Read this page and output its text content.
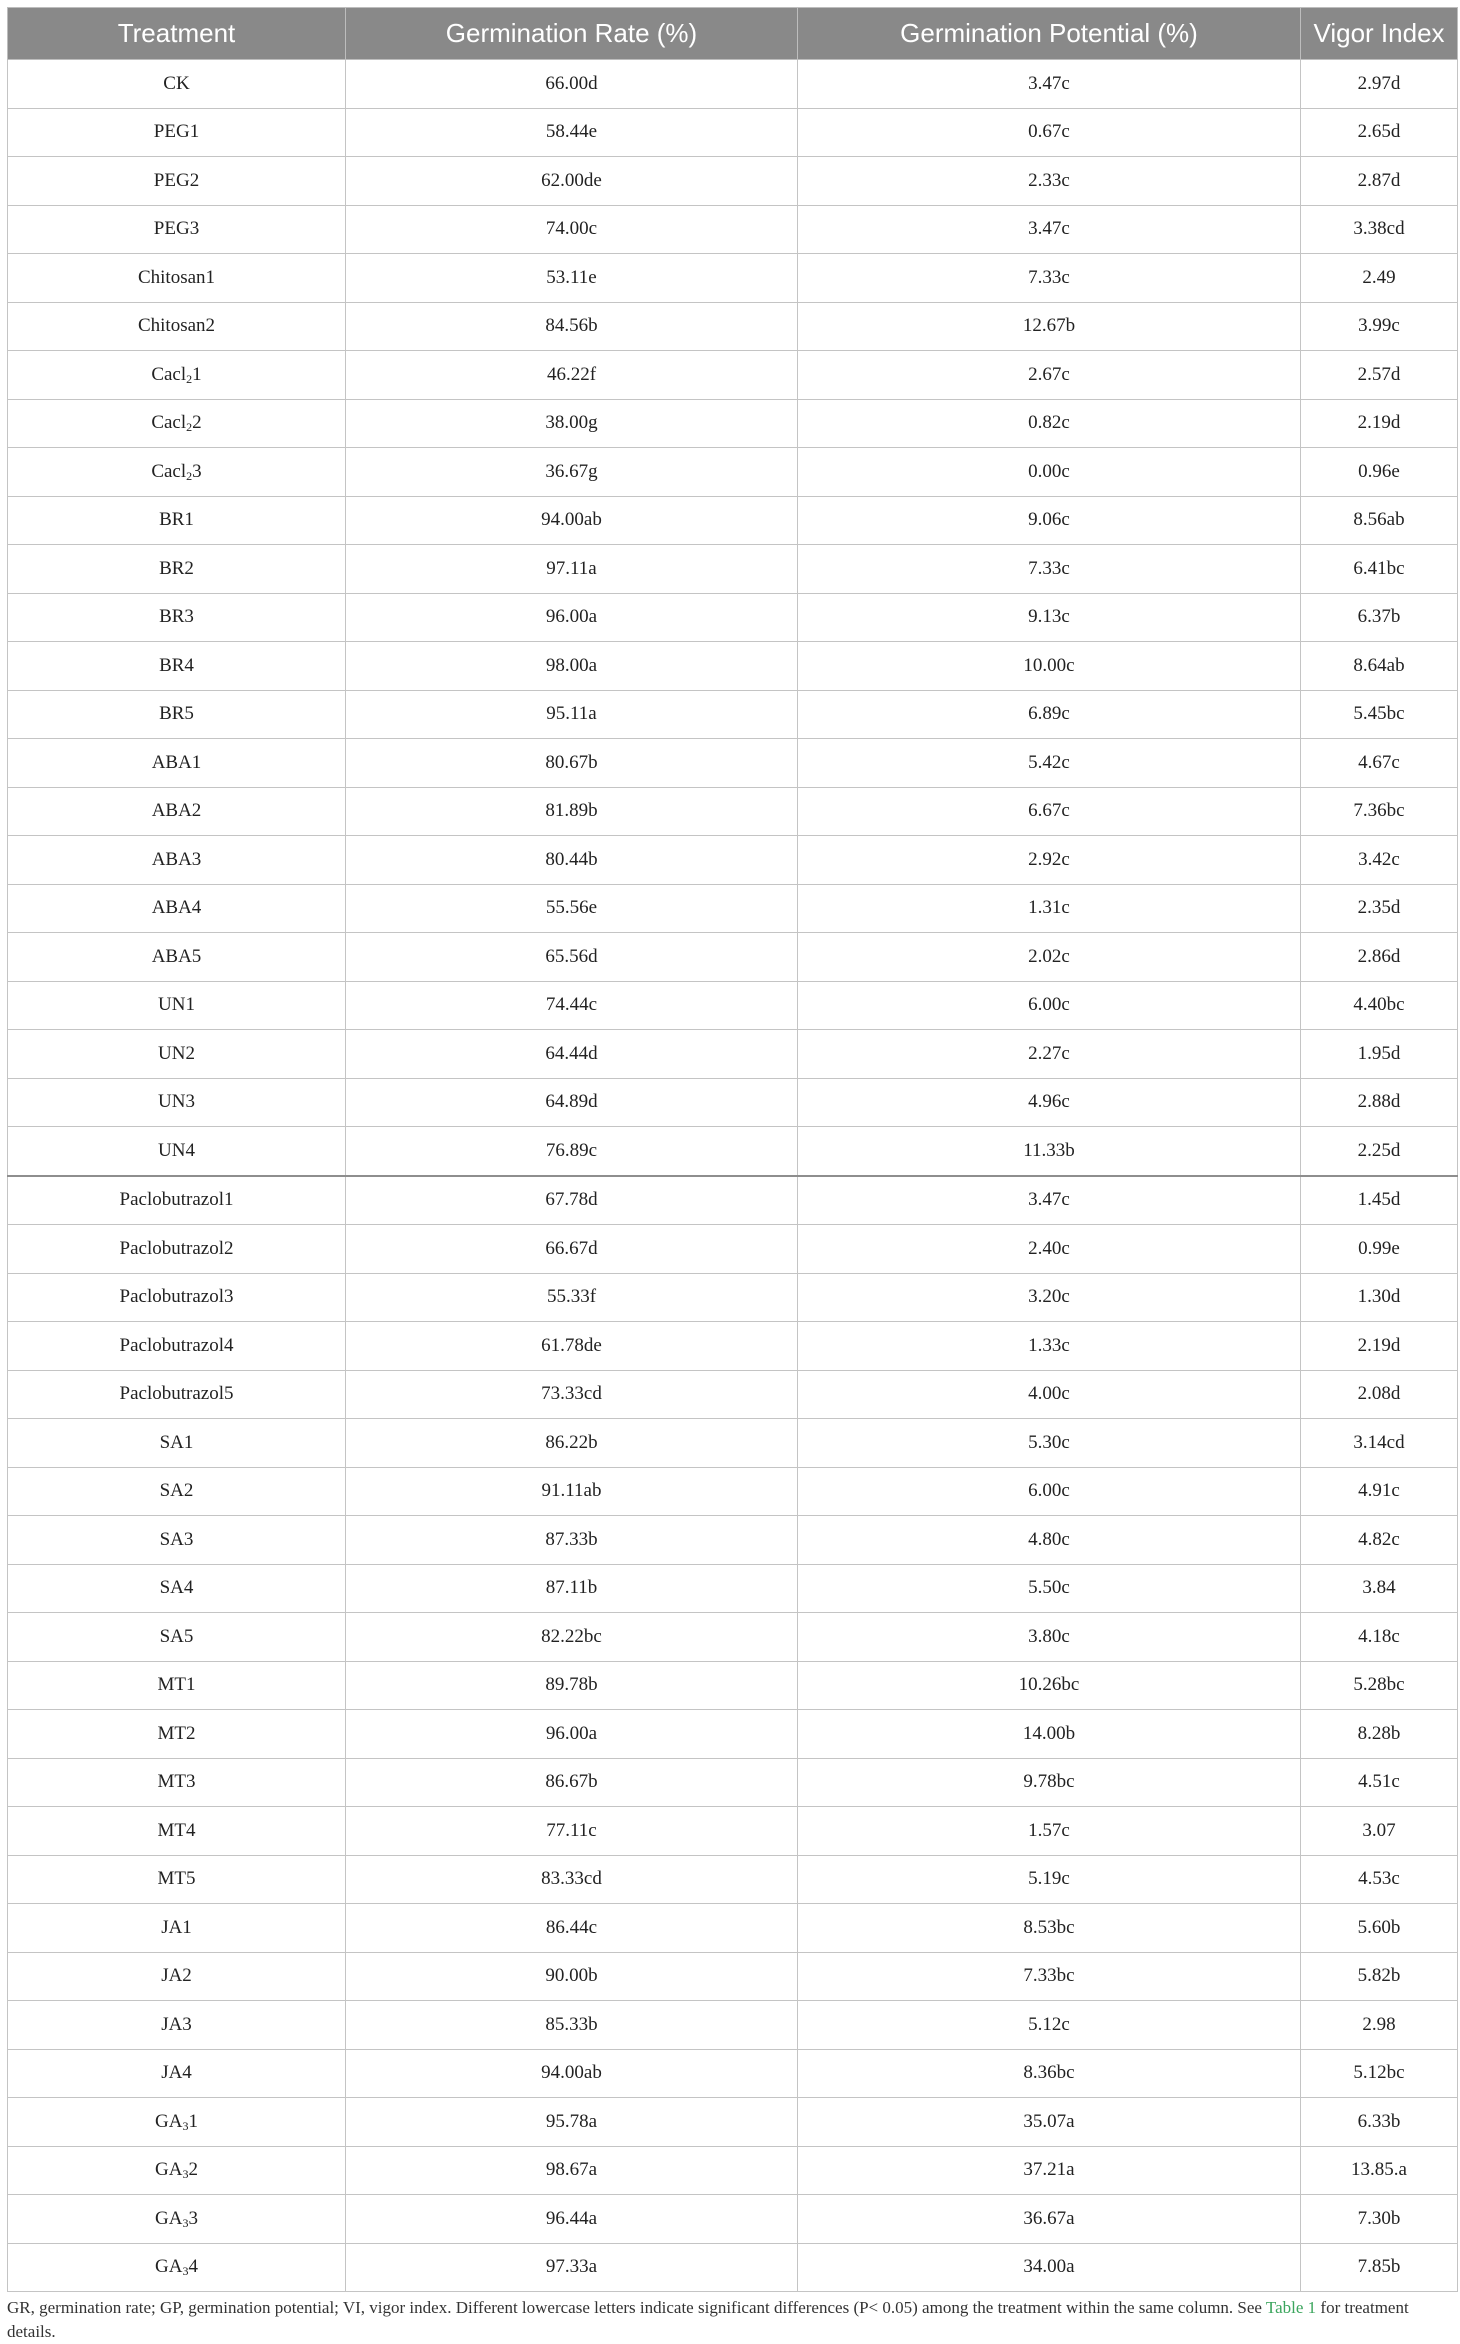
Treatment	Germination Rate (%)	Germination Potential (%)	Vigor Index
CK	66.00d	3.47c	2.97d
PEG1	58.44e	0.67c	2.65d
PEG2	62.00de	2.33c	2.87d
PEG3	74.00c	3.47c	3.38cd
Chitosan1	53.11e	7.33c	2.49
Chitosan2	84.56b	12.67b	3.99c
Cacl$_2$1	46.22f	2.67c	2.57d
Cacl$_2$2	38.00g	0.82c	2.19d
Cacl$_2$3	36.67g	0.00c	0.96e
BR1	94.00ab	9.06c	8.56ab
BR2	97.11a	7.33c	6.41bc
BR3	96.00a	9.13c	6.37b
BR4	98.00a	10.00c	8.64ab
BR5	95.11a	6.89c	5.45bc
ABA1	80.67b	5.42c	4.67c
ABA2	81.89b	6.67c	7.36bc
ABA3	80.44b	2.92c	3.42c
ABA4	55.56e	1.31c	2.35d
ABA5	65.56d	2.02c	2.86d
UN1	74.44c	6.00c	4.40bc
UN2	64.44d	2.27c	1.95d
UN3	64.89d	4.96c	2.88d
UN4	76.89c	11.33b	2.25d
Paclobutrazol1	67.78d	3.47c	1.45d
Paclobutrazol2	66.67d	2.40c	0.99e
Paclobutrazol3	55.33f	3.20c	1.30d
Paclobutrazol4	61.78de	1.33c	2.19d
Paclobutrazol5	73.33cd	4.00c	2.08d
SA1	86.22b	5.30c	3.14cd
SA2	91.11ab	6.00c	4.91c
SA3	87.33b	4.80c	4.82c
SA4	87.11b	5.50c	3.84
SA5	82.22bc	3.80c	4.18c
MT1	89.78b	10.26bc	5.28bc
MT2	96.00a	14.00b	8.28b
MT3	86.67b	9.78bc	4.51c
MT4	77.11c	1.57c	3.07
MT5	83.33cd	5.19c	4.53c
JA1	86.44c	8.53bc	5.60b
JA2	90.00b	7.33bc	5.82b
JA3	85.33b	5.12c	2.98
JA4	94.00ab	8.36bc	5.12bc
$GA_31$	95.78a	35.07a	6.33b
$GA_32$	98.67a	37.21a	13.85.a
$GA_33$	96.44a	36.67a	7.30b
$GA_34$	97.33a	34.00a	7.85b

GR, germination rate; GP, germination potential; VI, vigor index. Different lowercase letters indicate significant differences (P< 0.05) among the treatment within the same column. See Table 1 for treatment details.
